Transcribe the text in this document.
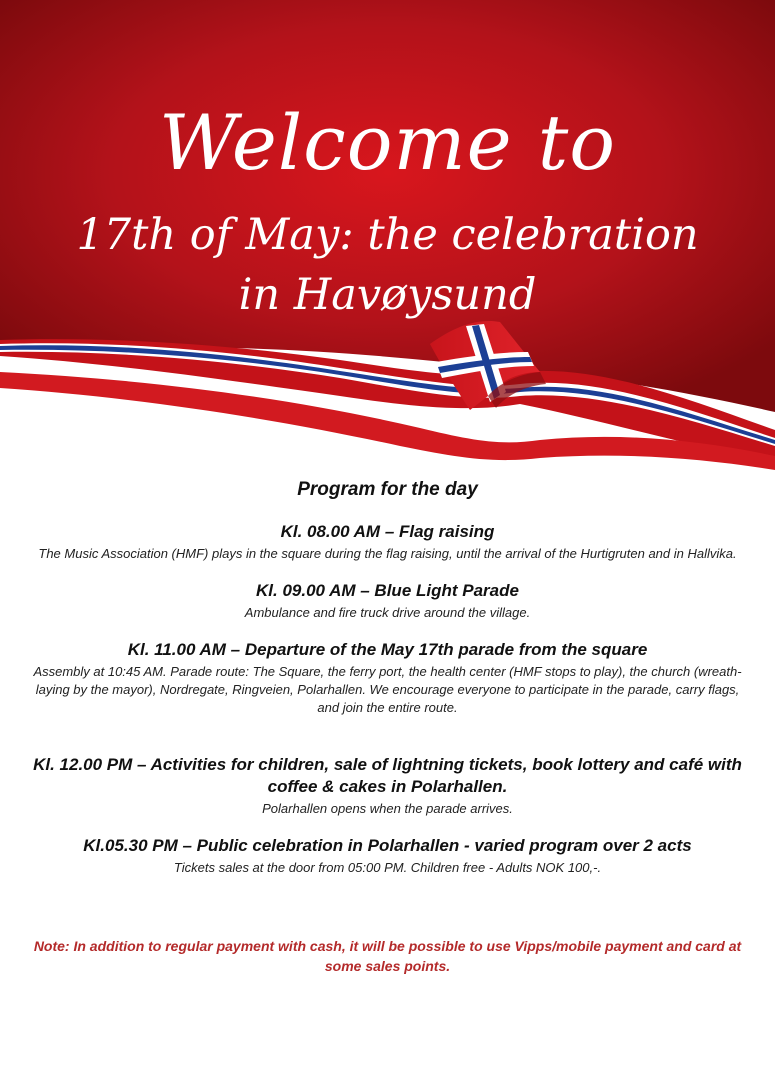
Welcome to
17th of May: the celebration
in Havøysund
Program for the day
Kl. 08.00 AM – Flag raising
The Music Association (HMF) plays in the square during the flag raising, until the arrival of the Hurtigruten and in Hallvika.
Kl. 09.00 AM – Blue Light Parade
Ambulance and fire truck drive around the village.
Kl. 11.00 AM – Departure of the May 17th parade from the square
Assembly at 10:45 AM. Parade route: The Square, the ferry port, the health center (HMF stops to play), the church (wreath-laying by the mayor), Nordregate, Ringveien, Polarhallen. We encourage everyone to participate in the parade, carry flags, and join the entire route.
Kl. 12.00 PM – Activities for children, sale of lightning tickets, book lottery and café with coffee & cakes in Polarhallen.
Polarhallen opens when the parade arrives.
Kl.05.30 PM – Public celebration in Polarhallen - varied program over 2 acts
Tickets sales at the door from 05:00 PM. Children free - Adults NOK 100,-.
Note: In addition to regular payment with cash, it will be possible to use Vipps/mobile payment and card at some sales points.
